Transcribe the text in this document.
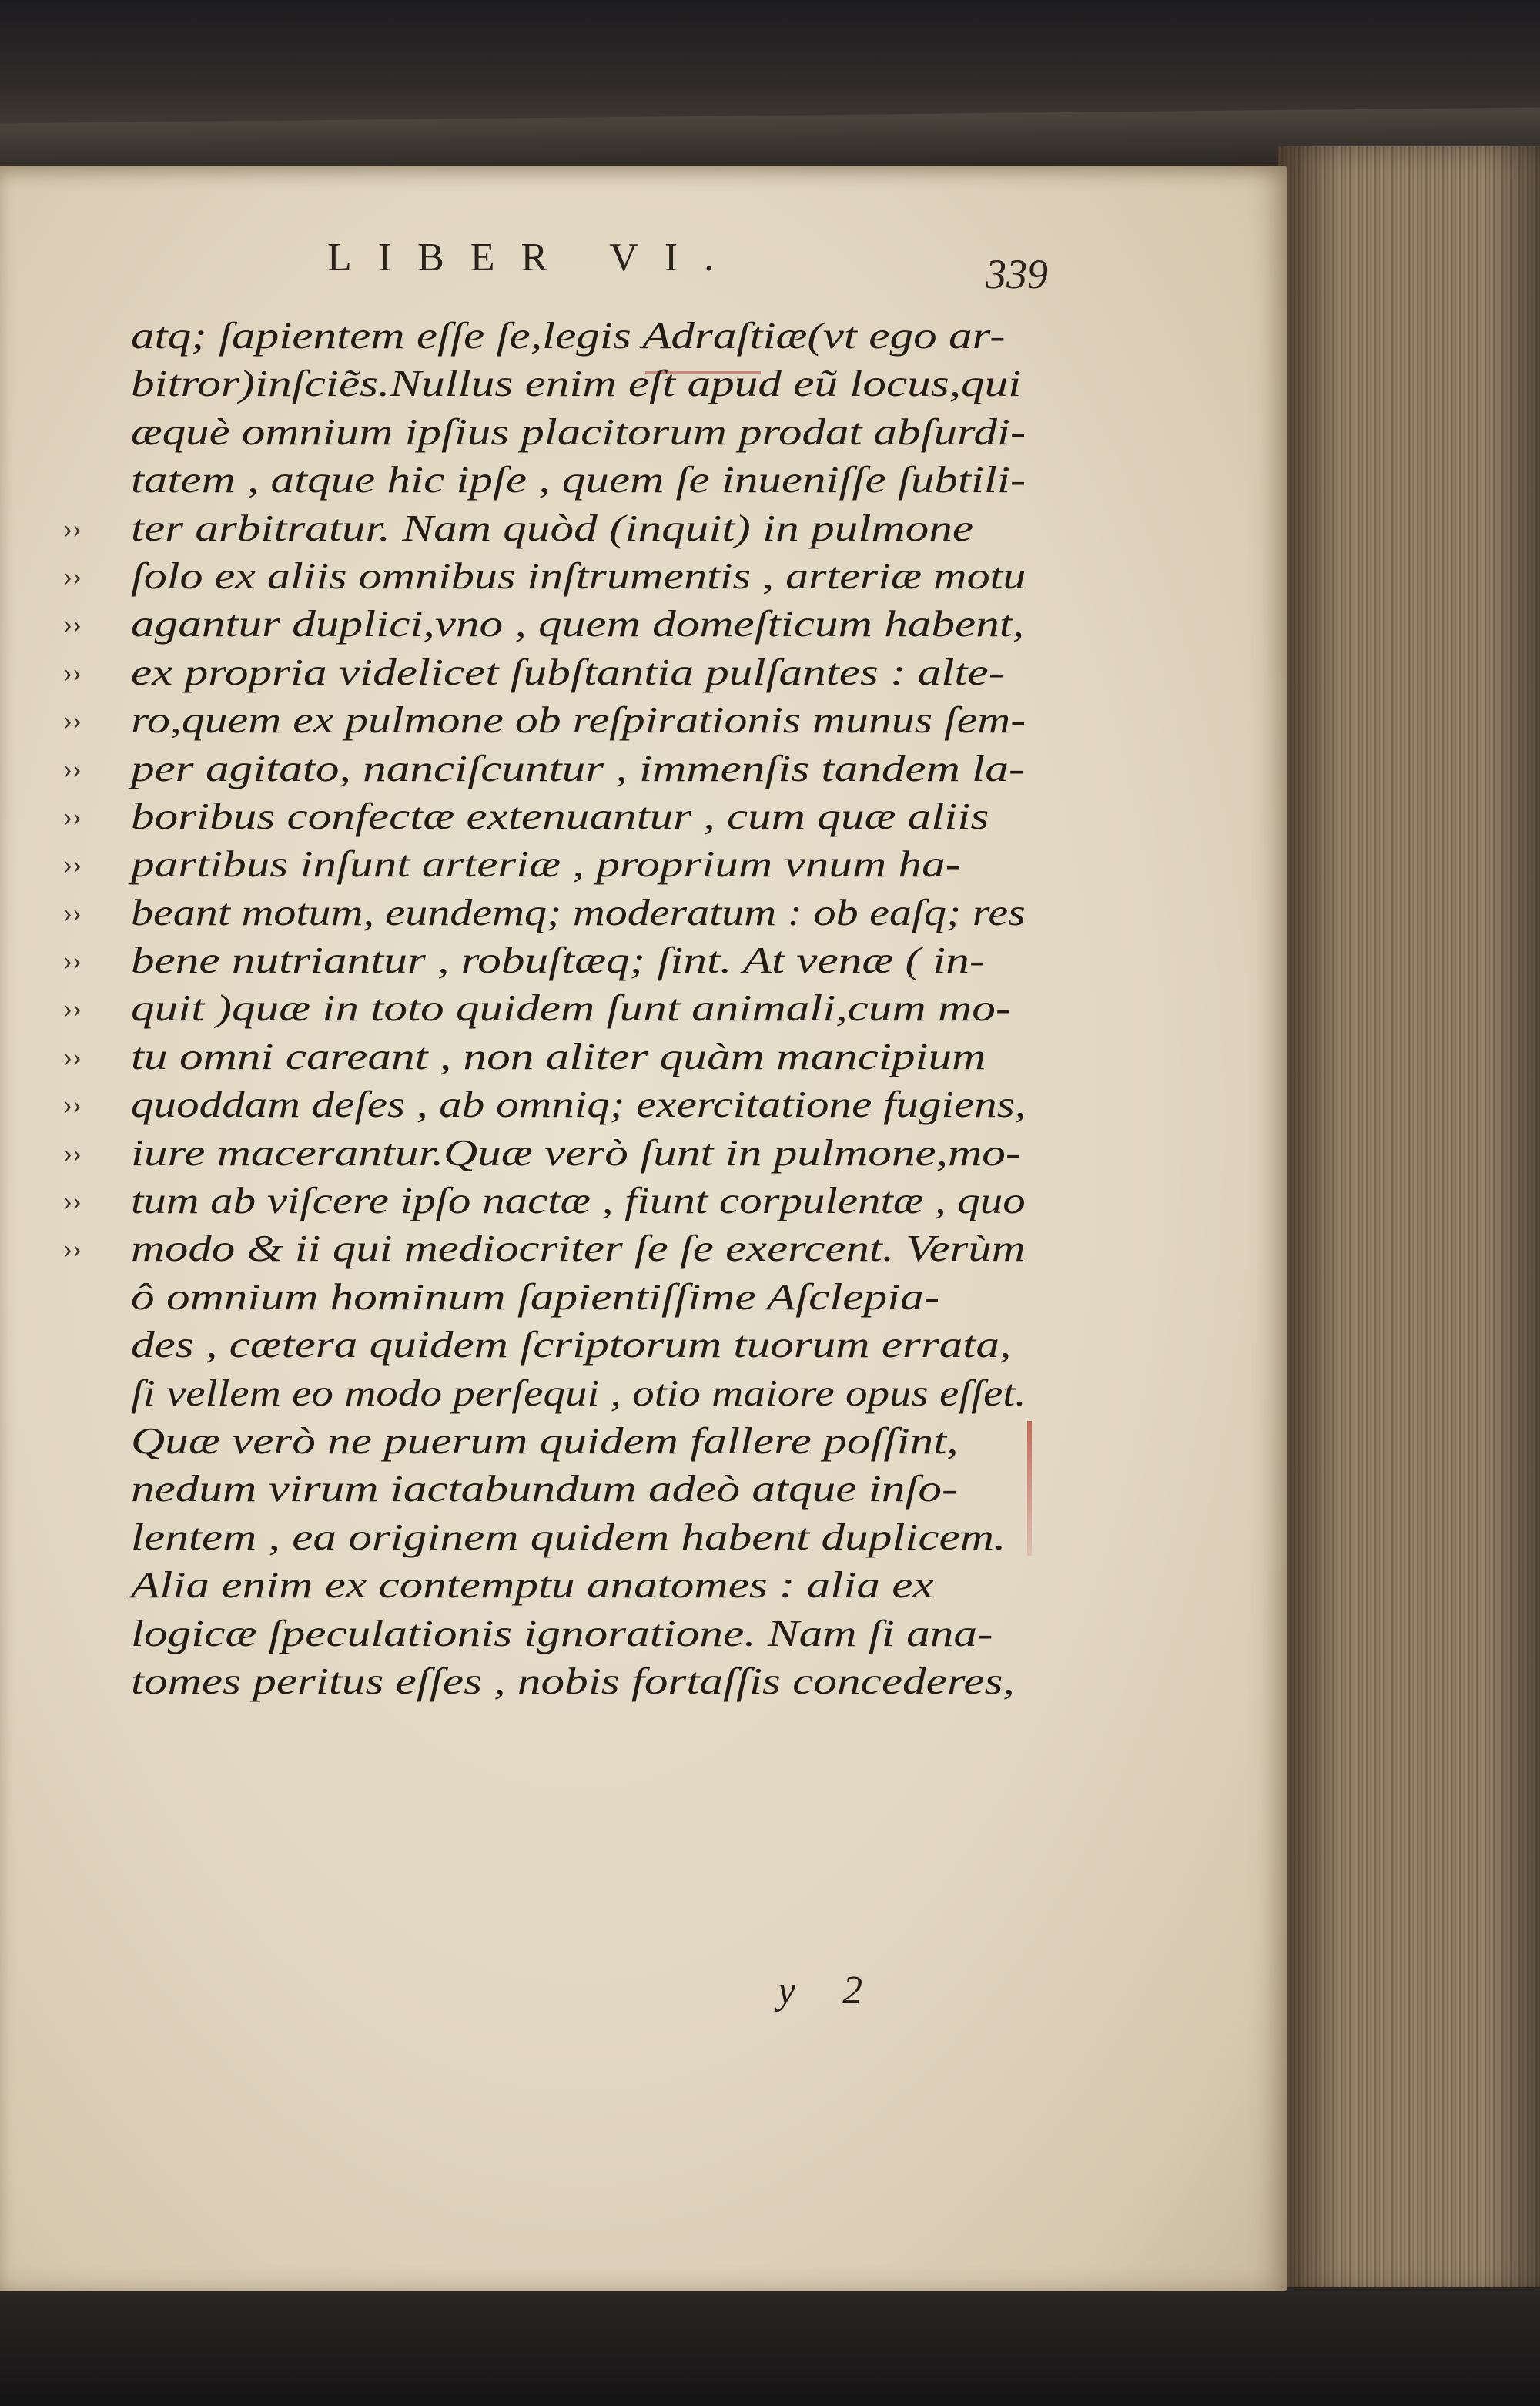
LIBER VI.	339
atq; ſapientem eſſe ſe,legis Adraſtiæ(vt ego ar-
bitror)inſciẽs.Nullus enim eſt apud eũ locus,qui
æquè omnium ipſius placitorum prodat abſurdi-
tatem , atque hic ipſe , quem ſe inueniſſe ſubtili-
››	ter arbitratur. Nam quòd (inquit) in pulmone
››	ſolo ex aliis omnibus inſtrumentis , arteriæ motu
››	agantur duplici,vno , quem domeſticum habent,
››	ex propria videlicet ſubſtantia pulſantes : alte-
››	ro,quem ex pulmone ob reſpirationis munus ſem-
››	per agitato, nanciſcuntur , immenſis tandem la-
››	boribus confectæ extenuantur , cum quæ aliis
››	partibus inſunt arteriæ , proprium vnum ha-
››	beant motum, eundemq; moderatum : ob eaſq; res
››	bene nutriantur , robuſtæq; ſint. At venæ ( in-
››	quit )quæ in toto quidem ſunt animali,cum mo-
››	tu omni careant , non aliter quàm mancipium
››	quoddam deſes , ab omniq; exercitatione fugiens,
››	iure macerantur.Quæ verò ſunt in pulmone,mo-
››	tum ab viſcere ipſo nactæ , fiunt corpulentæ , quo
››	modo & ii qui mediocriter ſe ſe exercent. Verùm
ô omnium hominum ſapientiſſime Aſclepia-
des , cætera quidem ſcriptorum tuorum errata,
ſi vellem eo modo perſequi , otio maiore opus eſſet.
Quæ verò ne puerum quidem fallere poſſint,
nedum virum iactabundum adeò atque inſo-
lentem , ea originem quidem habent duplicem.
Alia enim ex contemptu anatomes : alia ex
logicæ ſpeculationis ignoratione. Nam ſi ana-
tomes peritus eſſes , nobis fortaſſis concederes,
y 2
